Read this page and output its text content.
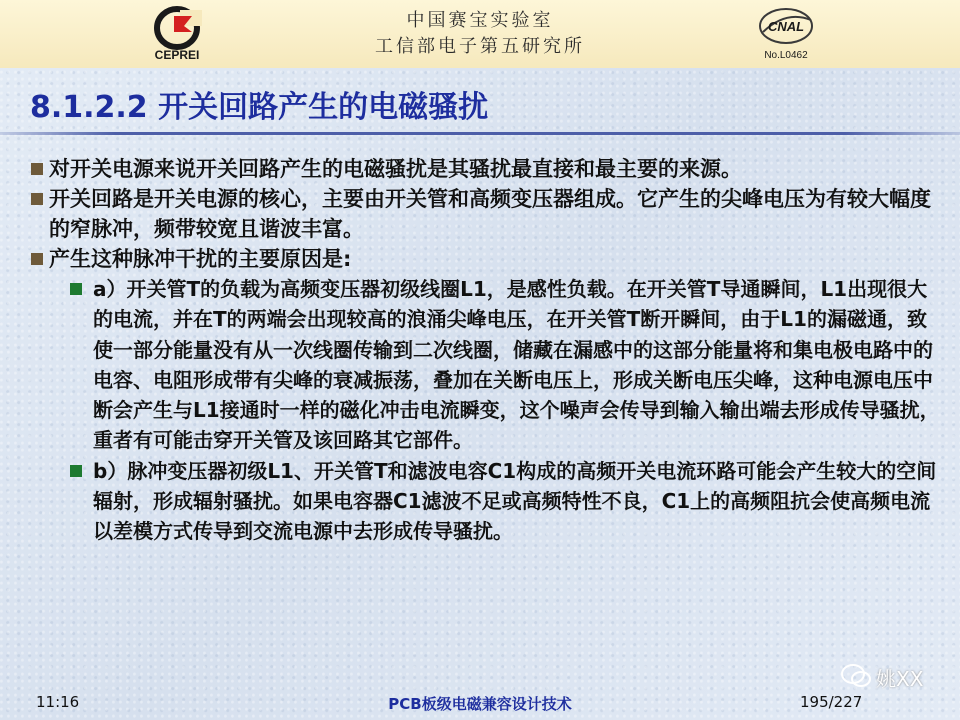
CEPREI
中国赛宝实验室
工信部电子第五研究所
CNAL
No.L0462
8.1.2.2 开关回路产生的电磁骚扰

对开关电源来说开关回路产生的电磁骚扰是其骚扰最直接和最主要的来源。

开关回路是开关电源的核心，主要由开关管和高频变压器组成。它产生的尖峰电压为有较大幅度的窄脉冲，频带较宽且谐波丰富。

产生这种脉冲干扰的主要原因是:

a）开关管T的负载为高频变压器初级线圈L1，是感性负载。在开关管T导通瞬间，L1出现很大的电流，并在T的两端会出现较高的浪涌尖峰电压，在开关管T断开瞬间，由于L1的漏磁通，致使一部分能量没有从一次线圈传输到二次线圈，储藏在漏感中的这部分能量将和集电极电路中的电容、电阻形成带有尖峰的衰减振荡，叠加在关断电压上，形成关断电压尖峰，这种电源电压中断会产生与L1接通时一样的磁化冲击电流瞬变，这个噪声会传导到输入输出端去形成传导骚扰，重者有可能击穿开关管及该回路其它部件。

b）脉冲变压器初级L1、开关管T和滤波电容C1构成的高频开关电流环路可能会产生较大的空间辐射，形成辐射骚扰。如果电容器C1滤波不足或高频特性不良，C1上的高频阻抗会使高频电流以差模方式传导到交流电源中去形成传导骚扰。

11:16	PCB板级电磁兼容设计技术	195/227
姚XX
